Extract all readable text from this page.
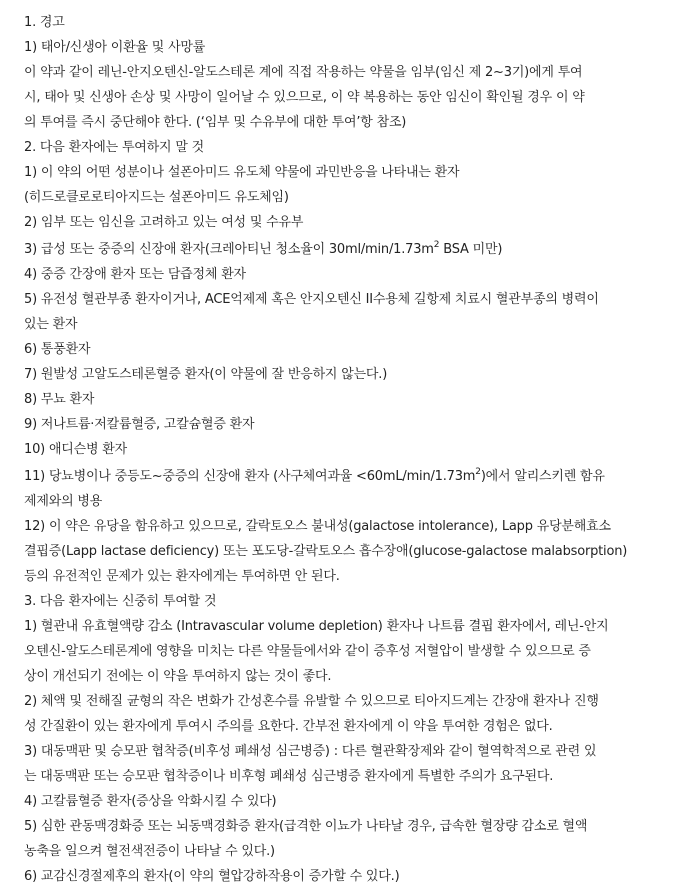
1. 경고
1) 태아/신생아 이환율 및 사망률
이 약과 같이 레닌-안지오텐신-알도스테론 계에 직접 작용하는 약물을 임부(임신 제 2~3기)에게 투여
시, 태아 및 신생아 손상 및 사망이 일어날 수 있으므로, 이 약 복용하는 동안 임신이 확인될 경우 이 약
의 투여를 즉시 중단해야 한다. (‘임부 및 수유부에 대한 투여’항 참조)
2. 다음 환자에는 투여하지 말 것
1) 이 약의 어떤 성분이나 설폰아미드 유도체 약물에 과민반응을 나타내는 환자
(히드로클로로티아지드는 설폰아미드 유도체임)
2) 임부 또는 임신을 고려하고 있는 여성 및 수유부
3) 급성 또는 중증의 신장애 환자(크레아티닌 청소율이 $30ml/\min/1.73m^2$ BSA 미만)
4) 중증 간장애 환자 또는 담즙정체 환자
5) 유전성 혈관부종 환자이거나, ACE억제제 혹은 안지오텐신 II수용체 길항제 치료시 혈관부종의 병력이
있는 환자
6) 통풍환자
7) 원발성 고알도스테론혈증 환자(이 약물에 잘 반응하지 않는다.)
8) 무뇨 환자
9) 저나트륨·저칼륨혈증, 고칼슘혈증 환자
10) 애디슨병 환자
11) 당뇨병이나 중등도~중증의 신장애 환자 (사구체여과율 $<60mL/\min/1.73m^2$)에서 알리스키렌 함유
제제와의 병용
12) 이 약은 유당을 함유하고 있으므로, 갈락토오스 불내성(galactose intolerance), Lapp 유당분해효소
결핍증(Lapp lactase deficiency) 또는 포도당-갈락토오스 흡수장애(glucose-galactose malabsorption)
등의 유전적인 문제가 있는 환자에게는 투여하면 안 된다.
3. 다음 환자에는 신중히 투여할 것
1) 혈관내 유효혈액량 감소 (Intravascular volume depletion) 환자나 나트륨 결핍 환자에서, 레닌-안지
오텐신-알도스테론계에 영향을 미치는 다른 약물들에서와 같이 증후성 저혈압이 발생할 수 있으므로 증
상이 개선되기 전에는 이 약을 투여하지 않는 것이 좋다.
2) 체액 및 전해질 균형의 작은 변화가 간성혼수를 유발할 수 있으므로 티아지드계는 간장애 환자나 진행
성 간질환이 있는 환자에게 투여시 주의를 요한다. 간부전 환자에게 이 약을 투여한 경험은 없다.
3) 대동맥판 및 승모판 협착증(비후성 폐쇄성 심근병증) : 다른 혈관확장제와 같이 혈역학적으로 관련 있
는 대동맥판 또는 승모판 협착증이나 비후형 폐쇄성 심근병증 환자에게 특별한 주의가 요구된다.
4) 고칼륨혈증 환자(증상을 악화시킬 수 있다)
5) 심한 관동맥경화증 또는 뇌동맥경화증 환자(급격한 이뇨가 나타날 경우, 급속한 혈장량 감소로 혈액
농축을 일으켜 혈전색전증이 나타날 수 있다.)
6) 교감신경절제후의 환자(이 약의 혈압강하작용이 증가할 수 있다.)
